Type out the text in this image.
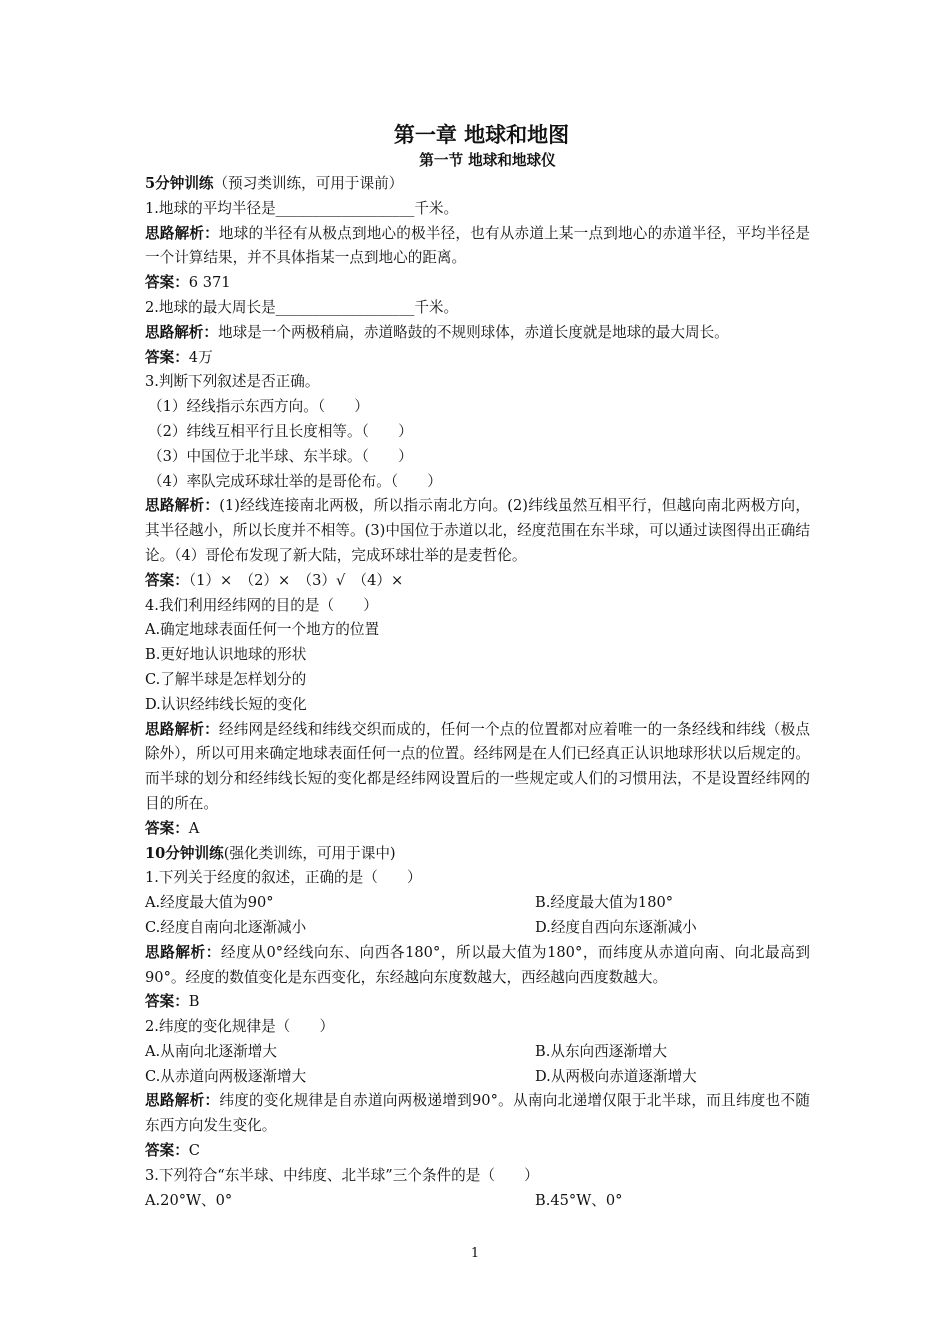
第一章 地球和地图
第一节 地球和地球仪
5分钟训练（预习类训练，可用于课前）
1.地球的平均半径是___________________千米。
思路解析：地球的半径有从极点到地心的极半径，也有从赤道上某一点到地心的赤道半径，平均半径是一个计算结果，并不具体指某一点到地心的距离。
答案：6 371
2.地球的最大周长是___________________千米。
思路解析：地球是一个两极稍扁，赤道略鼓的不规则球体，赤道长度就是地球的最大周长。
答案：4万
3.判断下列叙述是否正确。
（1）经线指示东西方向。（　　）
（2）纬线互相平行且长度相等。（　　）
（3）中国位于北半球、东半球。（　　）
（4）率队完成环球壮举的是哥伦布。（　　）
思路解析：(1)经线连接南北两极，所以指示南北方向。(2)纬线虽然互相平行，但越向南北两极方向，其半径越小，所以长度并不相等。(3)中国位于赤道以北，经度范围在东半球，可以通过读图得出正确结论。（4）哥伦布发现了新大陆，完成环球壮举的是麦哲伦。
答案：（1）×　（2）×　（3）√　（4）×
4.我们利用经纬网的目的是（　　）
A.确定地球表面任何一个地方的位置
B.更好地认识地球的形状
C.了解半球是怎样划分的
D.认识经纬线长短的变化
思路解析：经纬网是经线和纬线交织而成的，任何一个点的位置都对应着唯一的一条经线和纬线（极点除外），所以可用来确定地球表面任何一点的位置。经纬网是在人们已经真正认识地球形状以后规定的。而半球的划分和经纬线长短的变化都是经纬网设置后的一些规定或人们的习惯用法，不是设置经纬网的目的所在。
答案：A
10分钟训练(强化类训练，可用于课中)
1.下列关于经度的叙述，正确的是（　　）
A.经度最大值为90°	B.经度最大值为180°
C.经度自南向北逐渐减小	D.经度自西向东逐渐减小
思路解析：经度从0°经线向东、向西各180°，所以最大值为180°，而纬度从赤道向南、向北最高到90°。经度的数值变化是东西变化，东经越向东度数越大，西经越向西度数越大。
答案：B
2.纬度的变化规律是（　　）
A.从南向北逐渐增大	B.从东向西逐渐增大
C.从赤道向两极逐渐增大	D.从两极向赤道逐渐增大
思路解析：纬度的变化规律是自赤道向两极递增到90°。从南向北递增仅限于北半球，而且纬度也不随东西方向发生变化。
答案：C
3.下列符合“东半球、中纬度、北半球”三个条件的是（　　）
A.20°W、0°	B.45°W、0°
1
